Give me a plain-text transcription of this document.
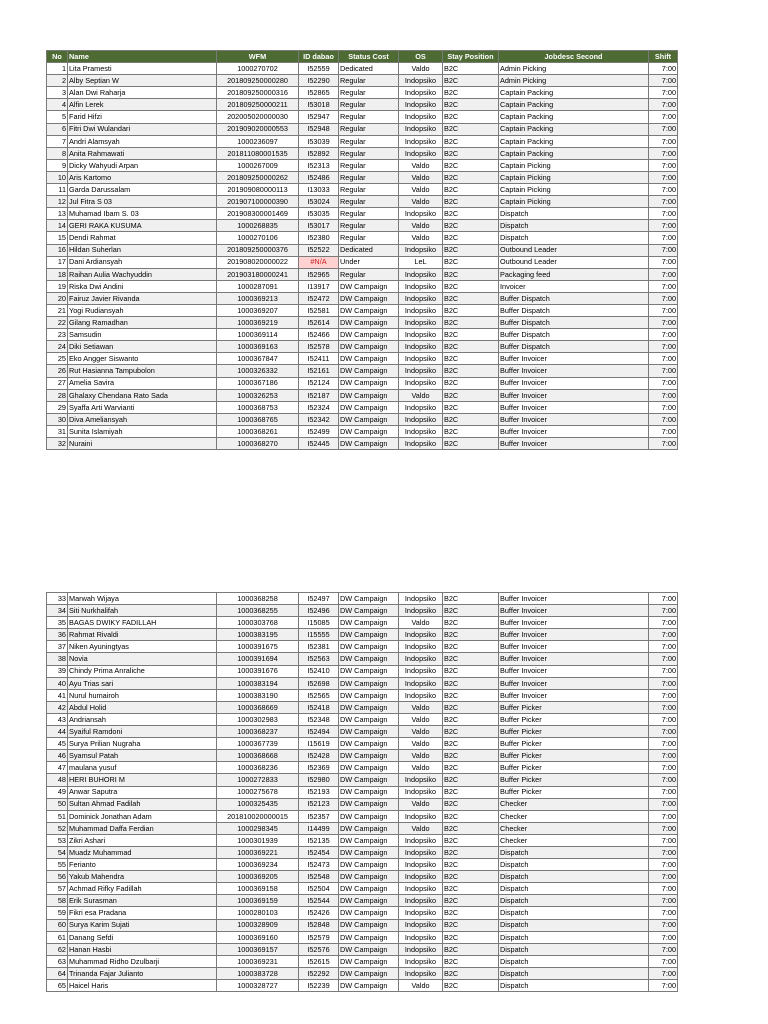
No	Name	WFM	ID dabao	Status Cost	OS	Stay Position	Jobdesc Second	Shift
1	Lita Pramesti	1000270702	I52559	Dedicated	Valdo	B2C	Admin Picking	7:00
2	Alby Septian W	201809250000280	I52290	Regular	Indopsiko	B2C	Admin Picking	7:00
3	Alan Dwi Raharja	201809250000316	I52865	Regular	Indopsiko	B2C	Captain Packing	7:00
4	Alfin Lerek	201809250000211	I53018	Regular	Indopsiko	B2C	Captain Packing	7:00
5	Farid Hifzi	202005020000030	I52947	Regular	Indopsiko	B2C	Captain Packing	7:00
6	Fitri Dwi Wulandari	201909020000553	I52948	Regular	Indopsiko	B2C	Captain Packing	7:00
7	Andri Alamsyah	1000236097	I53039	Regular	Indopsiko	B2C	Captain Packing	7:00
8	Anita Rahmawati	201811080001535	I52892	Regular	Indopsiko	B2C	Captain Packing	7:00
9	Dicky Wahyudi Arpan	1000267009	I52313	Regular	Valdo	B2C	Captain Picking	7:00
10	Aris Kartomo	201809250000262	I52486	Regular	Valdo	B2C	Captain Picking	7:00
11	Garda Darussalam	201909080000113	I13033	Regular	Valdo	B2C	Captain Picking	7:00
12	Jul Fitra S 03	201907100000390	I53024	Regular	Valdo	B2C	Captain Picking	7:00
13	Muhamad Ibam S. 03	201908300001469	I53035	Regular	Indopsiko	B2C	Dispatch	7:00
14	GERI RAKA KUSUMA	1000268835	I53017	Regular	Valdo	B2C	Dispatch	7:00
15	Dendi Rahmat	1000270106	I52380	Regular	Valdo	B2C	Dispatch	7:00
16	Hildan Suherlan	201809250000376	I52522	Dedicated	Indopsiko	B2C	Outbound Leader	7:00
17	Dani Ardiansyah	201908020000022	#N/A	Under	LeL	B2C	Outbound Leader	7:00
18	Raihan Aulia Wachyuddin	201903180000241	I52965	Regular	Indopsiko	B2C	Packaging feed	7:00
19	Riska Dwi Andini	1000287091	I13917	DW Campaign	Indopsiko	B2C	Invoicer	7:00
20	Fairuz Javier Rivanda	1000369213	I52472	DW Campaign	Indopsiko	B2C	Buffer Dispatch	7:00
21	Yogi Rudiansyah	1000369207	I52581	DW Campaign	Indopsiko	B2C	Buffer Dispatch	7:00
22	Gilang Ramadhan	1000369219	I52614	DW Campaign	Indopsiko	B2C	Buffer Dispatch	7:00
23	Samsudin	1000369114	I52466	DW Campaign	Indopsiko	B2C	Buffer Dispatch	7:00
24	Diki Setiawan	1000369163	I52578	DW Campaign	Indopsiko	B2C	Buffer Dispatch	7:00
25	Eko Angger Siswanto	1000367847	I52411	DW Campaign	Indopsiko	B2C	Buffer Invoicer	7:00
26	Rut Hasianna Tampubolon	1000326332	I52161	DW Campaign	Indopsiko	B2C	Buffer Invoicer	7:00
27	Amelia Savira	1000367186	I52124	DW Campaign	Indopsiko	B2C	Buffer Invoicer	7:00
28	Ghalaxy Chendana Rato Sada	1000326253	I52187	DW Campaign	Valdo	B2C	Buffer Invoicer	7:00
29	Syaffa Arti Warvianti	1000368753	I52324	DW Campaign	Indopsiko	B2C	Buffer Invoicer	7:00
30	Diva Ameliansyah	1000368765	I52342	DW Campaign	Indopsiko	B2C	Buffer Invoicer	7:00
31	Sunita Islamiyah	1000368261	I52499	DW Campaign	Indopsiko	B2C	Buffer Invoicer	7:00
32	Nuraini	1000368270	I52445	DW Campaign	Indopsiko	B2C	Buffer Invoicer	7:00
33	Marwah Wijaya	1000368258	I52497	DW Campaign	Indopsiko	B2C	Buffer Invoicer	7:00
34	Siti Nurkhalifah	1000368255	I52496	DW Campaign	Indopsiko	B2C	Buffer Invoicer	7:00
35	BAGAS DWIKY FADILLAH	1000303768	I15085	DW Campaign	Valdo	B2C	Buffer Invoicer	7:00
36	Rahmat Rivaldi	1000383195	I15555	DW Campaign	Indopsiko	B2C	Buffer Invoicer	7:00
37	Niken Ayuningtyas	1000391675	I52381	DW Campaign	Indopsiko	B2C	Buffer Invoicer	7:00
38	Novia	1000391694	I52563	DW Campaign	Indopsiko	B2C	Buffer Invoicer	7:00
39	Chindy Prima Anraliche	1000391676	I52410	DW Campaign	Indopsiko	B2C	Buffer Invoicer	7:00
40	Ayu Trias sari	1000383194	I52698	DW Campaign	Indopsiko	B2C	Buffer Invoicer	7:00
41	Nurul humairoh	1000383190	I52565	DW Campaign	Indopsiko	B2C	Buffer Invoicer	7:00
42	Abdul Holid	1000368669	I52418	DW Campaign	Valdo	B2C	Buffer Picker	7:00
43	Andriansah	1000302983	I52348	DW Campaign	Valdo	B2C	Buffer Picker	7:00
44	Syaiful Ramdoni	1000368237	I52494	DW Campaign	Valdo	B2C	Buffer Picker	7:00
45	Surya Prilian Nugraha	1000367739	I15619	DW Campaign	Valdo	B2C	Buffer Picker	7:00
46	Syamsul Patah	1000368668	I52428	DW Campaign	Valdo	B2C	Buffer Picker	7:00
47	maulana yusuf	1000368236	I52369	DW Campaign	Valdo	B2C	Buffer Picker	7:00
48	HERI BUHORI M	1000272833	I52980	DW Campaign	Indopsiko	B2C	Buffer Picker	7:00
49	Anwar Saputra	1000275678	I52193	DW Campaign	Indopsiko	B2C	Buffer Picker	7:00
50	Sultan Ahmad Fadilah	1000325435	I52123	DW Campaign	Valdo	B2C	Checker	7:00
51	Dominick Jonathan Adam	201810020000015	I52357	DW Campaign	Indopsiko	B2C	Checker	7:00
52	Muhammad Daffa Ferdian	1000298345	I14499	DW Campaign	Valdo	B2C	Checker	7:00
53	Zikri Ashari	1000301939	I52135	DW Campaign	Indopsiko	B2C	Checker	7:00
54	Muadz Muhammad	1000369221	I52454	DW Campaign	Indopsiko	B2C	Dispatch	7:00
55	Ferianto	1000369234	I52473	DW Campaign	Indopsiko	B2C	Dispatch	7:00
56	Yakub Mahendra	1000369205	I52548	DW Campaign	Indopsiko	B2C	Dispatch	7:00
57	Achmad Rifky Fadillah	1000369158	I52504	DW Campaign	Indopsiko	B2C	Dispatch	7:00
58	Erik Surasman	1000369159	I52544	DW Campaign	Indopsiko	B2C	Dispatch	7:00
59	Fikri esa Pradana	1000280103	I52426	DW Campaign	Indopsiko	B2C	Dispatch	7:00
60	Surya Karim Sujati	1000328909	I52848	DW Campaign	Indopsiko	B2C	Dispatch	7:00
61	Danang Sefdi	1000369160	I52579	DW Campaign	Indopsiko	B2C	Dispatch	7:00
62	Hanan Hasbi	1000369157	I52576	DW Campaign	Indopsiko	B2C	Dispatch	7:00
63	Muhammad Ridho Dzulbarji	1000369231	I52615	DW Campaign	Indopsiko	B2C	Dispatch	7:00
64	Trinanda Fajar Julianto	1000383728	I52292	DW Campaign	Indopsiko	B2C	Dispatch	7:00
65	Haicel Haris	1000328727	I52239	DW Campaign	Valdo	B2C	Dispatch	7:00
